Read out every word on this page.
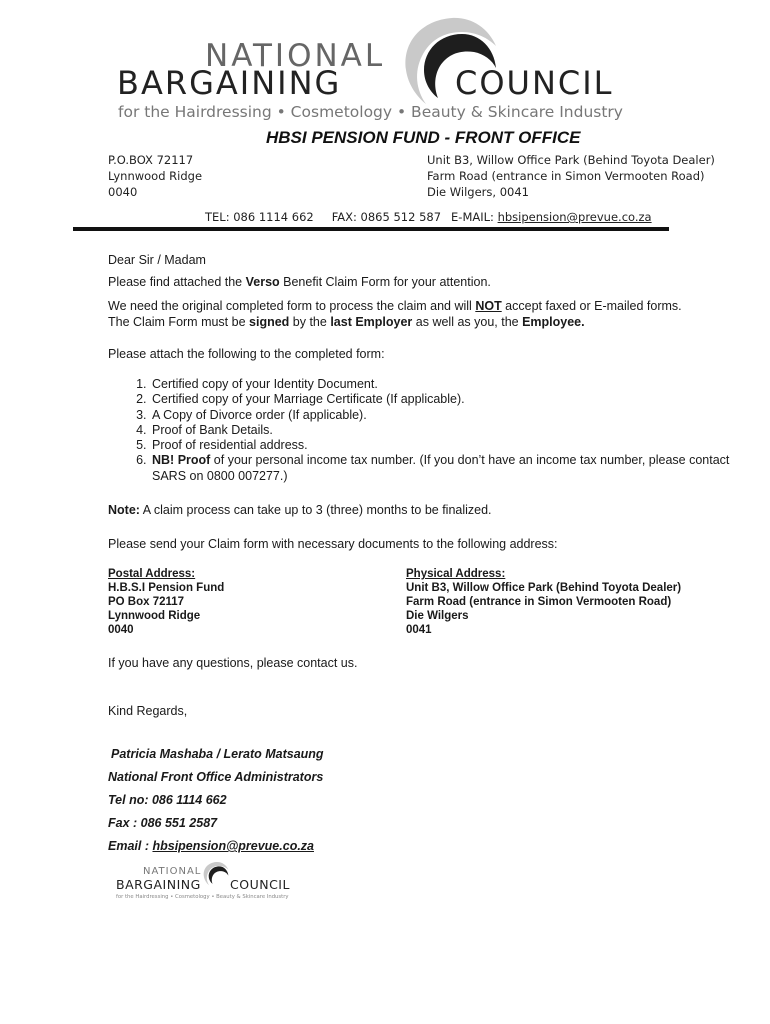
NATIONAL
BARGAINING	COUNCIL
for the Hairdressing • Cosmetology • Beauty & Skincare Industry
HBSI PENSION FUND - FRONT OFFICE
P.O.BOX 72117
Lynnwood Ridge
0040
Unit B3, Willow Office Park (Behind Toyota Dealer)
Farm Road (entrance in Simon Vermooten Road)
Die Wilgers, 0041
TEL: 086 1114 662 FAX: 0865 512 587 E-MAIL: hbsipension@prevue.co.za
Dear Sir / Madam
Please find attached the Verso Benefit Claim Form for your attention.
We need the original completed form to process the claim and will NOT accept faxed or E-mailed forms.
The Claim Form must be signed by the last Employer as well as you, the Employee.
Please attach the following to the completed form:
1. Certified copy of your Identity Document.
2. Certified copy of your Marriage Certificate (If applicable).
3. A Copy of Divorce order (If applicable).
4. Proof of Bank Details.
5. Proof of residential address.
6. NB! Proof of your personal income tax number. (If you don’t have an income tax number, please contact SARS on 0800 007277.)
Note: A claim process can take up to 3 (three) months to be finalized.
Please send your Claim form with necessary documents to the following address:
Postal Address:
H.B.S.I Pension Fund
PO Box 72117
Lynnwood Ridge
0040
Physical Address:
Unit B3, Willow Office Park (Behind Toyota Dealer)
Farm Road (entrance in Simon Vermooten Road)
Die Wilgers
0041
If you have any questions, please contact us.
Kind Regards,
Patricia Mashaba / Lerato Matsaung
National Front Office Administrators
Tel no: 086 1114 662
Fax : 086 551 2587
Email : hbsipension@prevue.co.za
NATIONAL
BARGAINING COUNCIL
for the Hairdressing • Cosmetology • Beauty & Skincare Industry
